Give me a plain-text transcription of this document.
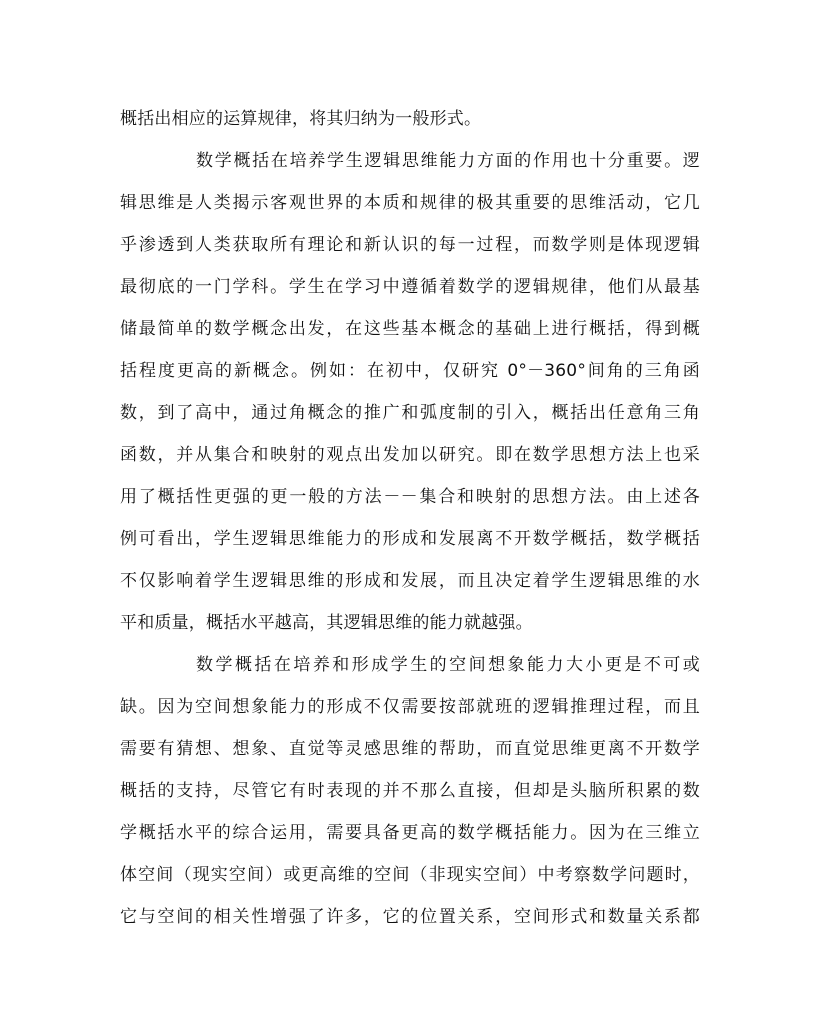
概括出相应的运算规律，将其归纳为一般形式。
数学概括在培养学生逻辑思维能力方面的作用也十分重要。逻
辑思维是人类揭示客观世界的本质和规律的极其重要的思维活动，它几
乎渗透到人类获取所有理论和新认识的每一过程，而数学则是体现逻辑
最彻底的一门学科。学生在学习中遵循着数学的逻辑规律，他们从最基
储最简单的数学概念出发，在这些基本概念的基础上进行概括，得到概
括程度更高的新概念。例如：在初中，仅研究 0°－360°间角的三角函
数，到了高中，通过角概念的推广和弧度制的引入，概括出任意角三角
函数，并从集合和映射的观点出发加以研究。即在数学思想方法上也采
用了概括性更强的更一般的方法－－集合和映射的思想方法。由上述各
例可看出，学生逻辑思维能力的形成和发展离不开数学概括，数学概括
不仅影响着学生逻辑思维的形成和发展，而且决定着学生逻辑思维的水
平和质量，概括水平越高，其逻辑思维的能力就越强。
数学概括在培养和形成学生的空间想象能力大小更是不可或
缺。因为空间想象能力的形成不仅需要按部就班的逻辑推理过程，而且
需要有猜想、想象、直觉等灵感思维的帮助，而直觉思维更离不开数学
概括的支持，尽管它有时表现的并不那么直接，但却是头脑所积累的数
学概括水平的综合运用，需要具备更高的数学概括能力。因为在三维立
体空间（现实空间）或更高维的空间（非现实空间）中考察数学问题时，
它与空间的相关性增强了许多，它的位置关系，空间形式和数量关系都
